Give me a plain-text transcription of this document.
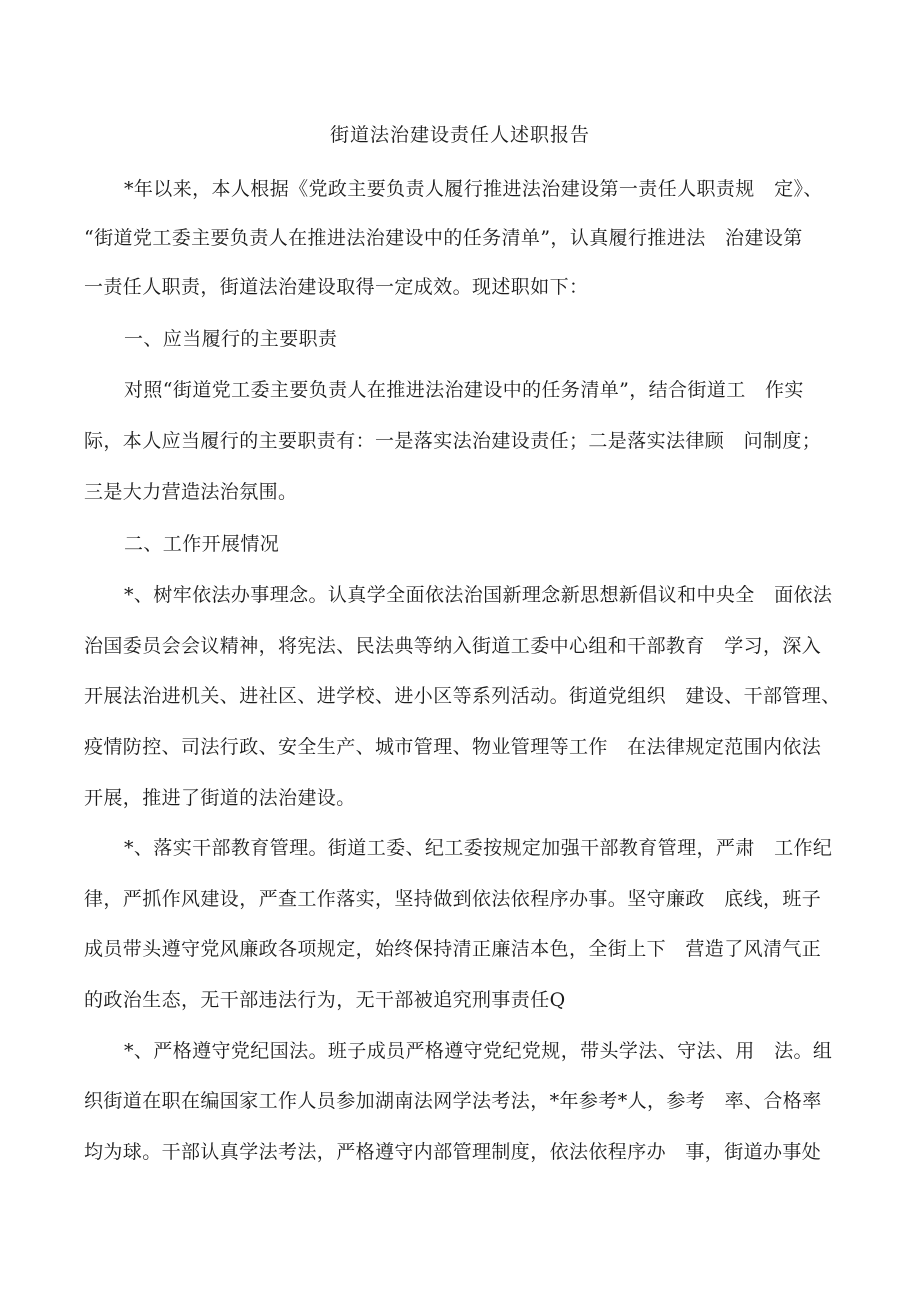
街道法治建设责任人述职报告
*年以来，本人根据《党政主要负责人履行推进法治建设第一责任人职责规　定》、
“街道党工委主要负责人在推进法治建设中的任务清单”，认真履行推进法　治建设第
一责任人职责，街道法治建设取得一定成效。现述职如下：
一、应当履行的主要职责
对照“街道党工委主要负责人在推进法治建设中的任务清单”，结合街道工　作实
际，本人应当履行的主要职责有：一是落实法治建设责任；二是落实法律顾　问制度；
三是大力营造法治氛围。
二、工作开展情况
*、树牢依法办事理念。认真学全面依法治国新理念新思想新倡议和中央全　面依法
治国委员会会议精神，将宪法、民法典等纳入街道工委中心组和干部教育　学习，深入
开展法治进机关、进社区、进学校、进小区等系列活动。街道党组织　建设、干部管理、
疫情防控、司法行政、安全生产、城市管理、物业管理等工作　在法律规定范围内依法
开展，推进了街道的法治建设。
*、落实干部教育管理。街道工委、纪工委按规定加强干部教育管理，严肃　工作纪
律，严抓作风建设，严查工作落实，坚持做到依法依程序办事。坚守廉政　底线，班子
成员带头遵守党风廉政各项规定，始终保持清正廉洁本色，全街上下　营造了风清气正
的政治生态，无干部违法行为，无干部被追究刑事责任Q
*、严格遵守党纪国法。班子成员严格遵守党纪党规，带头学法、守法、用　法。组
织街道在职在编国家工作人员参加湖南法网学法考法，*年参考*人，参考　率、合格率
均为球。干部认真学法考法，严格遵守内部管理制度，依法依程序办　事，街道办事处
